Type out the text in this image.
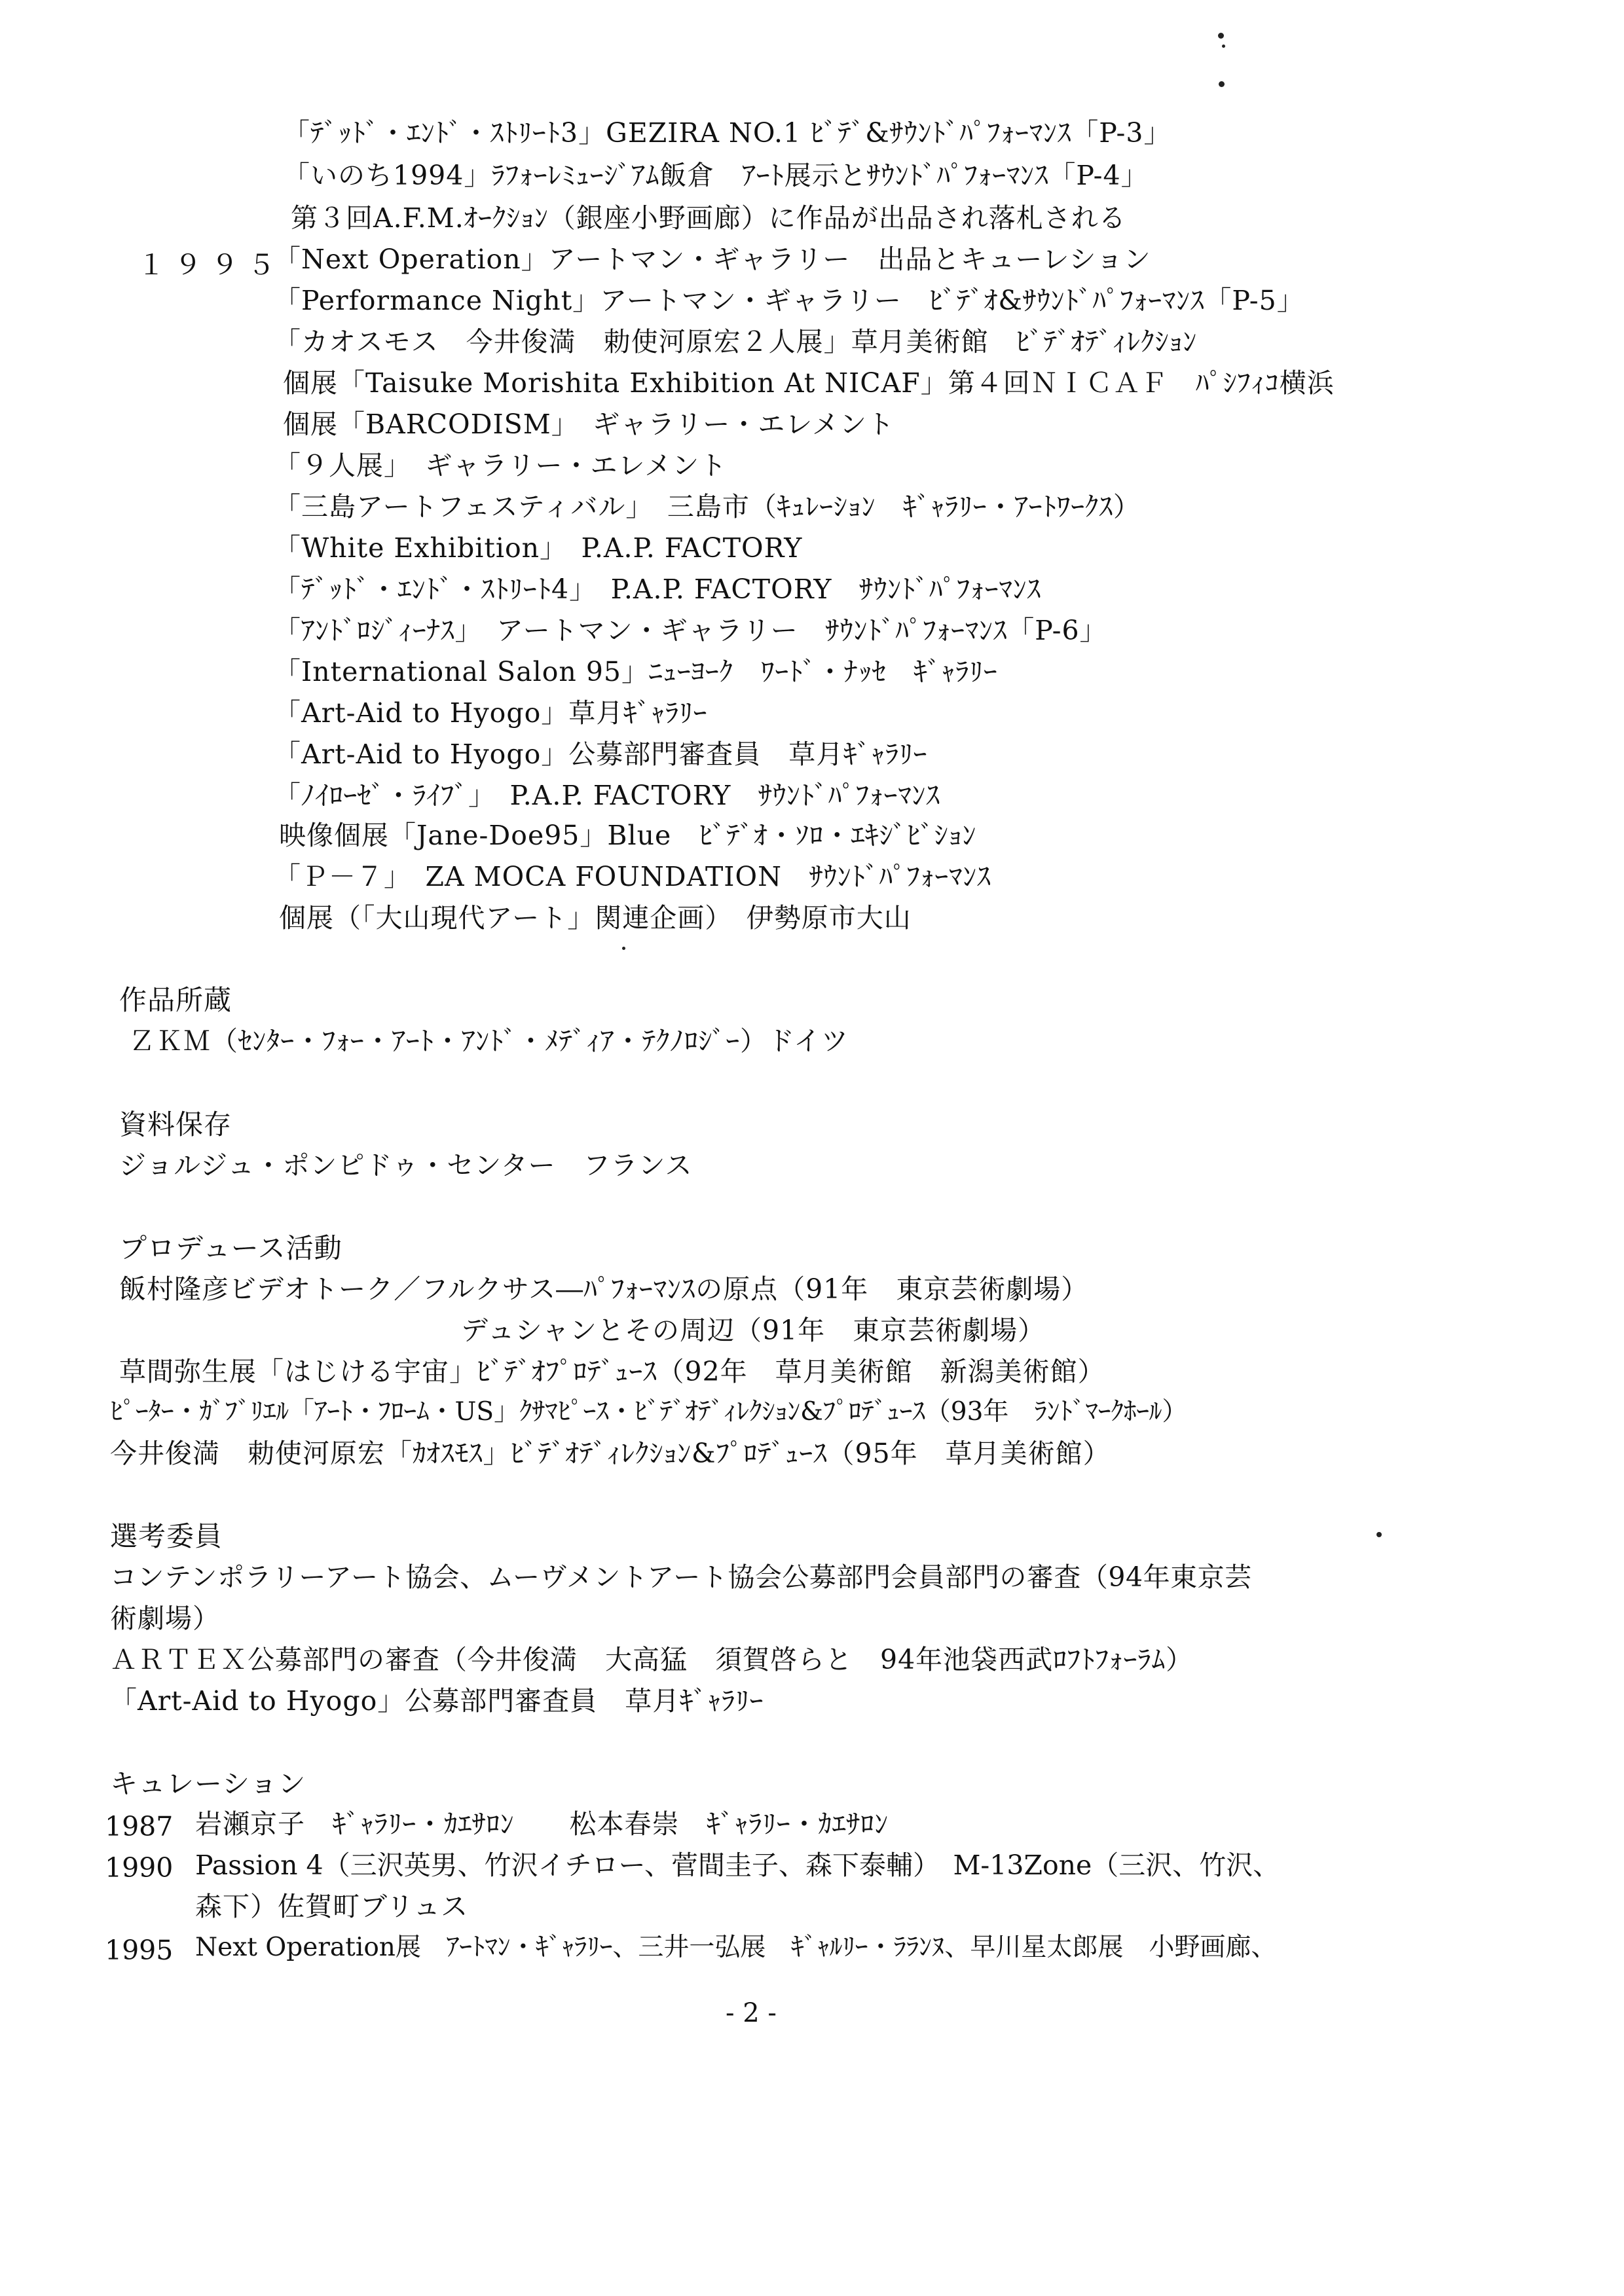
「ﾃﾞｯﾄﾞ・ｴﾝﾄﾞ・ｽﾄﾘｰﾄ3」GEZIRA NO.1 ﾋﾞﾃﾞ&ｻｳﾝﾄﾞﾊﾟﾌｫｰﾏﾝｽ「P-3」
「いのち1994」ﾗﾌｫｰﾚﾐｭｰｼﾞｱﾑ飯倉　ｱｰﾄ展示とｻｳﾝﾄﾞﾊﾟﾌｫｰﾏﾝｽ「P-4」
第３回A.F.M.ｵｰｸｼｮﾝ（銀座小野画廊）に作品が出品され落札される
１９９５
「Next Operation」アートマン・ギャラリー　出品とキューレション
「Performance Night」アートマン・ギャラリー　ﾋﾞﾃﾞｵ&ｻｳﾝﾄﾞﾊﾟﾌｫｰﾏﾝｽ「P-5」
「カオスモス　今井俊満　勅使河原宏２人展」草月美術館　ﾋﾞﾃﾞｵﾃﾞｨﾚｸｼｮﾝ
個展「Taisuke Morishita Exhibition At NICAF」第４回ＮＩＣＡＦ　ﾊﾟｼﾌｨｺ横浜
個展「BARCODISM」　ギャラリー・エレメント
「９人展」　ギャラリー・エレメント
「三島アートフェスティバル」　三島市（ｷｭﾚｰｼｮﾝ　ｷﾞｬﾗﾘｰ・ｱｰﾄﾜｰｸｽ）
「White Exhibition」　P.A.P. FACTORY
「ﾃﾞｯﾄﾞ・ｴﾝﾄﾞ・ｽﾄﾘｰﾄ4」　P.A.P. FACTORY　ｻｳﾝﾄﾞﾊﾟﾌｫｰﾏﾝｽ
「ｱﾝﾄﾞﾛｼﾞｨｰﾅｽ」　アートマン・ギャラリー　ｻｳﾝﾄﾞﾊﾟﾌｫｰﾏﾝｽ「P-6」
「International Salon 95」ﾆｭｰﾖｰｸ　ﾜｰﾄﾞ・ﾅｯｾ　ｷﾞｬﾗﾘｰ
「Art-Aid to Hyogo」草月ｷﾞｬﾗﾘｰ
「Art-Aid to Hyogo」公募部門審査員　草月ｷﾞｬﾗﾘｰ
「ﾉｲﾛｰｾﾞ・ﾗｲﾌﾞ」　P.A.P. FACTORY　ｻｳﾝﾄﾞﾊﾟﾌｫｰﾏﾝｽ
映像個展「Jane-Doe95」Blue　ﾋﾞﾃﾞｵ・ｿﾛ・ｴｷｼﾞﾋﾞｼｮﾝ
「Ｐ－７」　ZA MOCA FOUNDATION　ｻｳﾝﾄﾞﾊﾟﾌｫｰﾏﾝｽ
個展（「大山現代アート」関連企画）　伊勢原市大山
作品所蔵
ＺＫＭ（ｾﾝﾀｰ・ﾌｫｰ・ｱｰﾄ・ｱﾝﾄﾞ・ﾒﾃﾞｨｱ・ﾃｸﾉﾛｼﾞｰ）ドイツ
資料保存
ジョルジュ・ポンピドゥ・センター　フランス
プロデュース活動
飯村隆彦ビデオトーク／フルクサス―ﾊﾟﾌｫｰﾏﾝｽの原点（91年　東京芸術劇場）
デュシャンとその周辺（91年　東京芸術劇場）
草間弥生展「はじける宇宙」ﾋﾞﾃﾞｵﾌﾟﾛﾃﾞｭｰｽ（92年　草月美術館　新潟美術館）
ﾋﾟｰﾀｰ・ｶﾞﾌﾞﾘｴﾙ「ｱｰﾄ・ﾌﾛｰﾑ・US」ｸｻﾏﾋﾟｰｽ・ﾋﾞﾃﾞｵﾃﾞｨﾚｸｼｮﾝ&ﾌﾟﾛﾃﾞｭｰｽ（93年　ﾗﾝﾄﾞﾏｰｸﾎｰﾙ）
今井俊満　勅使河原宏「ｶｵｽﾓｽ」ﾋﾞﾃﾞｵﾃﾞｨﾚｸｼｮﾝ&ﾌﾟﾛﾃﾞｭｰｽ（95年　草月美術館）
選考委員
コンテンポラリーアート協会、ムーヴメントアート協会公募部門会員部門の審査（94年東京芸
術劇場）
ＡＲＴＥＸ公募部門の審査（今井俊満　大高猛　須賀啓らと　94年池袋西武ﾛﾌﾄﾌｫｰﾗﾑ）
「Art-Aid to Hyogo」公募部門審査員　草月ｷﾞｬﾗﾘｰ
キュレーション
1987 岩瀬京子　ｷﾞｬﾗﾘｰ・ｶｴｻﾛﾝ　　松本春崇　ｷﾞｬﾗﾘｰ・ｶｴｻﾛﾝ
1990 Passion 4（三沢英男、竹沢イチロー、菅間圭子、森下泰輔）　M-13Zone（三沢、竹沢、
森下）佐賀町ブリュス
1995 Next Operation展　ｱｰﾄﾏﾝ・ｷﾞｬﾗﾘｰ、三井一弘展　ｷﾞｬﾙﾘｰ・ﾗﾗﾝﾇ、早川星太郎展　小野画廊、
- 2 -
